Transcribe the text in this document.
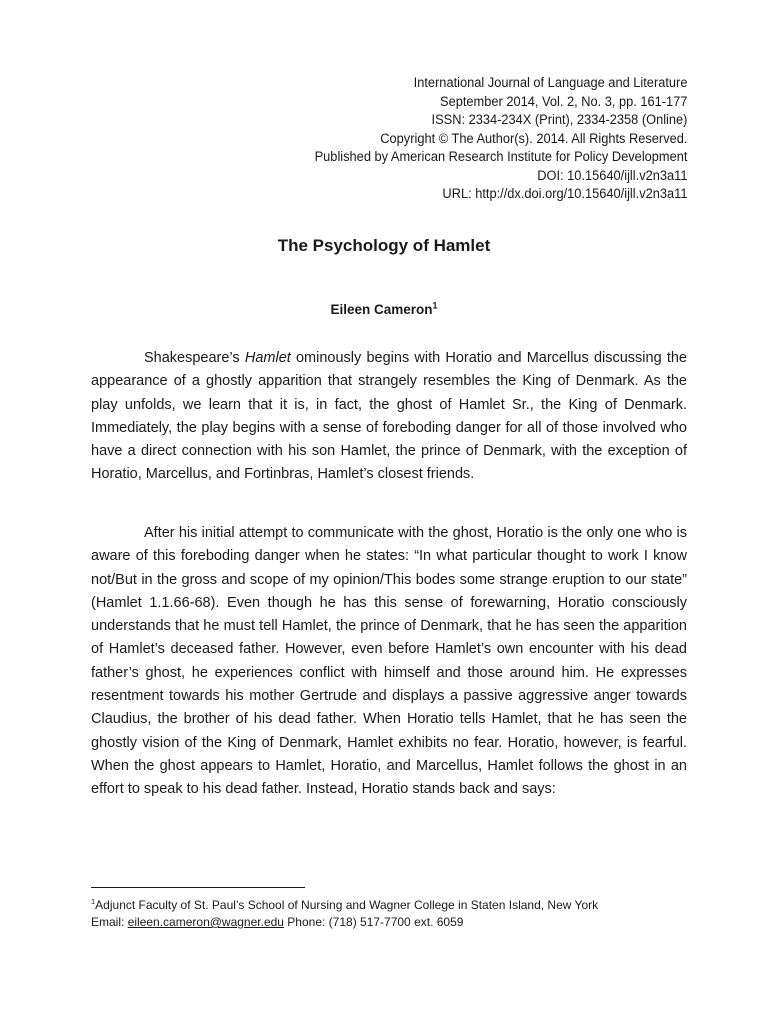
International Journal of Language and Literature
September 2014, Vol. 2, No. 3, pp. 161-177
ISSN: 2334-234X (Print), 2334-2358 (Online)
Copyright © The Author(s). 2014. All Rights Reserved.
Published by American Research Institute for Policy Development
DOI: 10.15640/ijll.v2n3a11
URL: http://dx.doi.org/10.15640/ijll.v2n3a11
The Psychology of Hamlet
Eileen Cameron$^1$

Shakespeare’s Hamlet ominously begins with Horatio and Marcellus discussing the appearance of a ghostly apparition that strangely resembles the King of Denmark. As the play unfolds, we learn that it is, in fact, the ghost of Hamlet Sr., the King of Denmark. Immediately, the play begins with a sense of foreboding danger for all of those involved who have a direct connection with his son Hamlet, the prince of Denmark, with the exception of Horatio, Marcellus, and Fortinbras, Hamlet’s closest friends.

After his initial attempt to communicate with the ghost, Horatio is the only one who is aware of this foreboding danger when he states: “In what particular thought to work I know not/But in the gross and scope of my opinion/This bodes some strange eruption to our state” (Hamlet 1.1.66-68). Even though he has this sense of forewarning, Horatio consciously understands that he must tell Hamlet, the prince of Denmark, that he has seen the apparition of Hamlet’s deceased father. However, even before Hamlet’s own encounter with his dead father’s ghost, he experiences conflict with himself and those around him. He expresses resentment towards his mother Gertrude and displays a passive aggressive anger towards Claudius, the brother of his dead father. When Horatio tells Hamlet, that he has seen the ghostly vision of the King of Denmark, Hamlet exhibits no fear. Horatio, however, is fearful. When the ghost appears to Hamlet, Horatio, and Marcellus, Hamlet follows the ghost in an effort to speak to his dead father. Instead, Horatio stands back and says:

$^1$Adjunct Faculty of St. Paul’s School of Nursing and Wagner College in Staten Island, New York
Email: eileen.cameron@wagner.edu Phone: (718) 517-7700 ext. 6059
